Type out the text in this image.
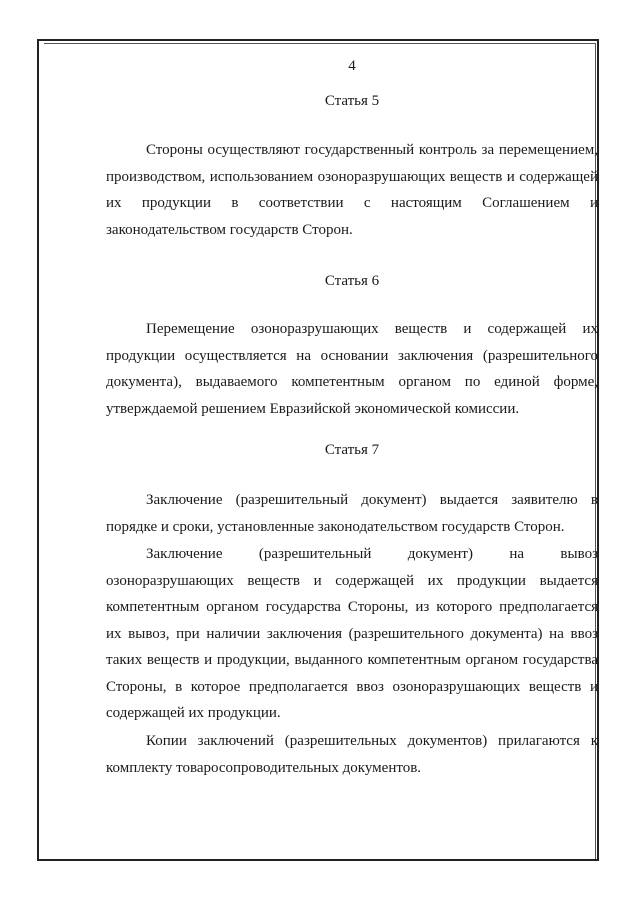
4

Статья 5

Стороны осуществляют государственный контроль за перемещением, производством, использованием озоноразрушающих веществ и содержащей их продукции в соответствии с настоящим Соглашением и законодательством государств Сторон.

Статья 6

Перемещение озоноразрушающих веществ и содержащей их продукции осуществляется на основании заключения (разрешительного документа), выдаваемого компетентным органом по единой форме, утверждаемой решением Евразийской экономической комиссии.

Статья 7

Заключение (разрешительный документ) выдается заявителю в порядке и сроки, установленные законодательством государств Сторон.

Заключение (разрешительный документ) на вывоз озоноразрушающих веществ и содержащей их продукции выдается компетентным органом государства Стороны, из которого предполагается их вывоз, при наличии заключения (разрешительного документа) на ввоз таких веществ и продукции, выданного компетентным органом государства Стороны, в которое предполагается ввоз озоноразрушающих веществ и содержащей их продукции.

Копии заключений (разрешительных документов) прилагаются к комплекту товаросопроводительных документов.
